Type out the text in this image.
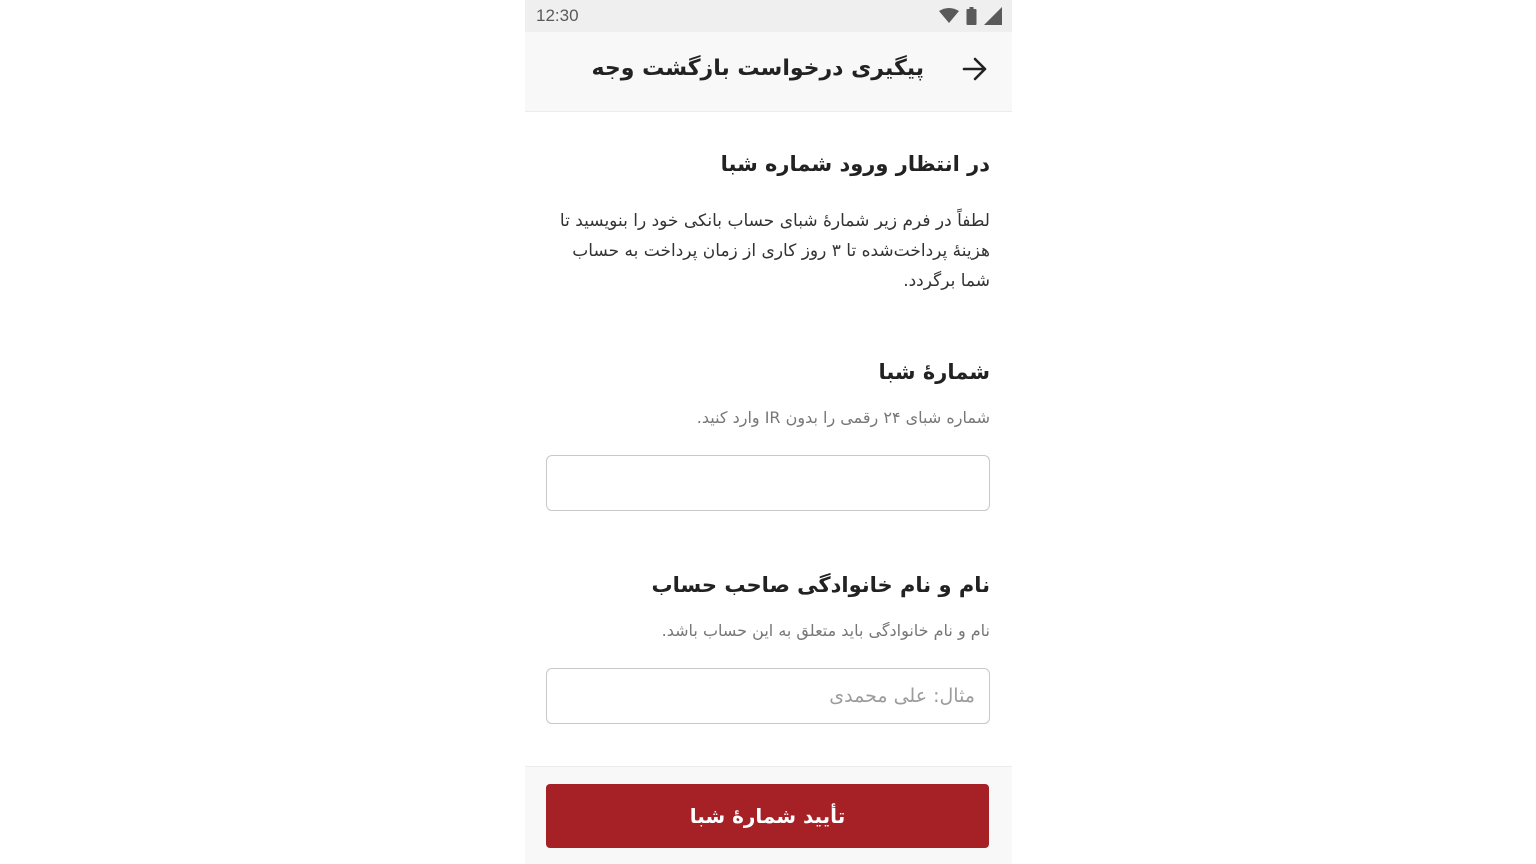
12:30
پیگیری درخواست بازگشت وجه
در انتظار ورود شماره شبا
لطفاً در فرم زیر شمارهٔ شبای حساب بانکی خود را بنویسید تا هزینهٔ پرداخت‌شده تا ۳ روز کاری از زمان پرداخت به حساب شما برگردد.
شمارهٔ شبا
شماره شبای ۲۴ رقمی را بدون IR وارد کنید.
نام و نام خانوادگی صاحب حساب
نام و نام خانوادگی باید متعلق به این حساب باشد.
مثال: علی محمدی
تأیید شمارهٔ شبا
